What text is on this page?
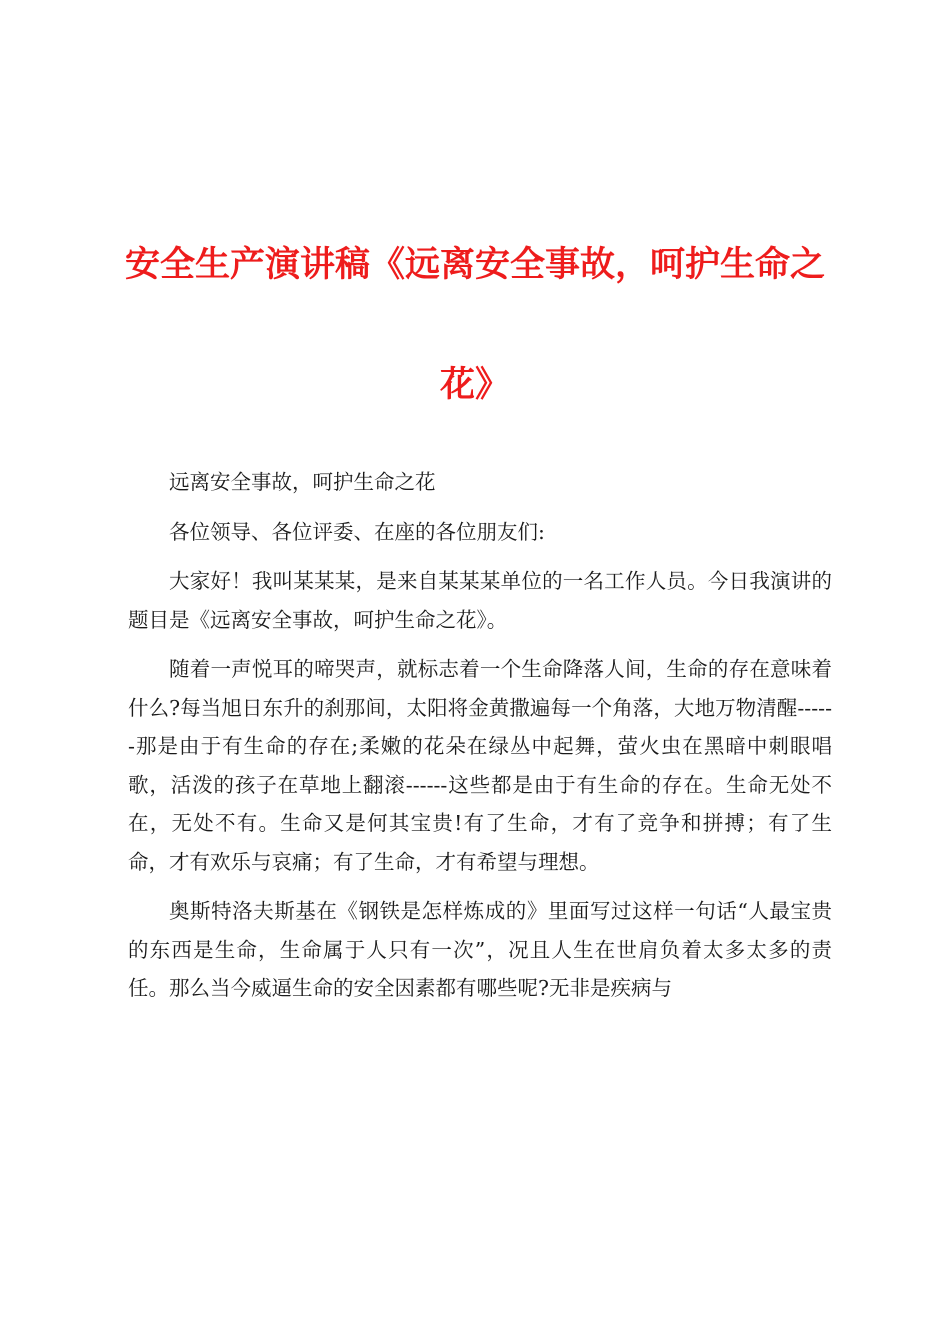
安全生产演讲稿《远离安全事故，呵护生命之花》

远离安全事故，呵护生命之花

各位领导、各位评委、在座的各位朋友们:

大家好！我叫某某某，是来自某某某单位的一名工作人员。今日我演讲的题目是《远离安全事故，呵护生命之花》。

随着一声悦耳的啼哭声，就标志着一个生命降落人间，生命的存在意味着什么?每当旭日东升的刹那间，太阳将金黄撒遍每一个角落，大地万物清醒------那是由于有生命的存在;柔嫩的花朵在绿丛中起舞，萤火虫在黑暗中刺眼唱歌，活泼的孩子在草地上翻滚------这些都是由于有生命的存在。生命无处不在，无处不有。生命又是何其宝贵!有了生命，才有了竞争和拼搏；有了生命，才有欢乐与哀痛；有了生命，才有希望与理想。

奥斯特洛夫斯基在《钢铁是怎样炼成的》里面写过这样一句话“人最宝贵的东西是生命，生命属于人只有一次”，况且人生在世肩负着太多太多的责任。那么当今威逼生命的安全因素都有哪些呢?无非是疾病与
